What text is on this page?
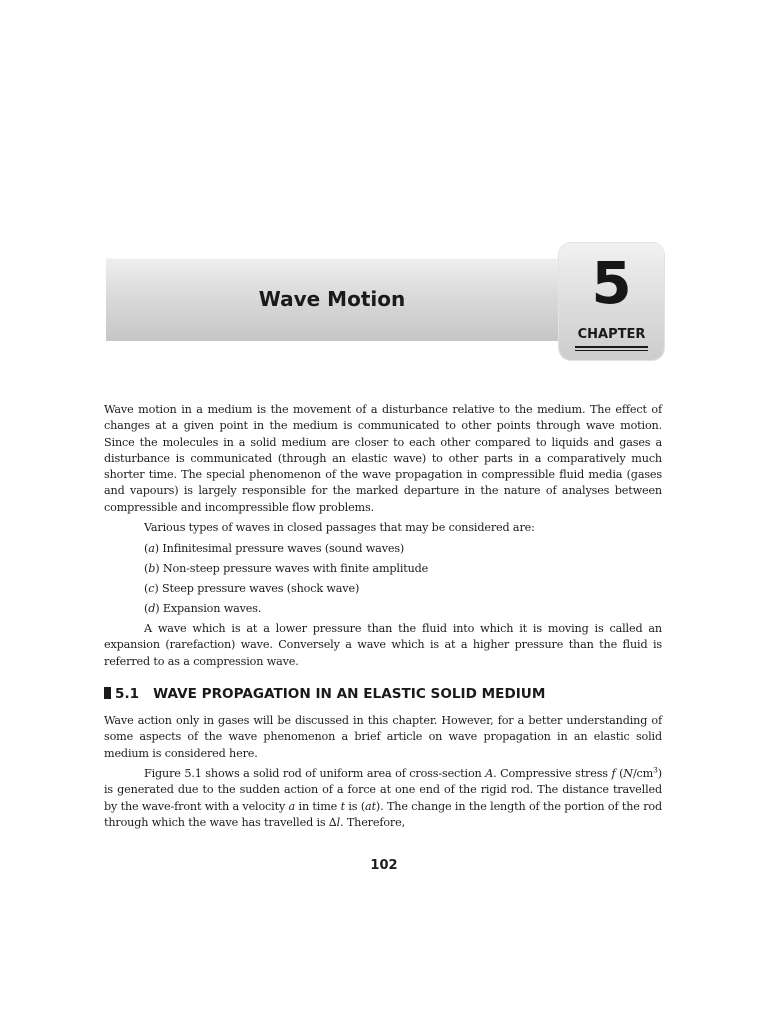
Wave Motion	5
CHAPTER

Wave motion in a medium is the movement of a disturbance relative to the medium. The effect of changes at a given point in the medium is communicated to other points through wave motion. Since the molecules in a solid medium are closer to each other compared to liquids and gases a disturbance is communicated (through an elastic wave) to other parts in a comparatively much shorter time. The special phenomenon of the wave propagation in compressible fluid media (gases and vapours) is largely responsible for the marked departure in the nature of analyses between compressible and incompressible flow problems.

Various types of waves in closed passages that may be considered are:

(a) Infinitesimal pressure waves (sound waves)

(b) Non-steep pressure waves with finite amplitude

(c) Steep pressure waves (shock wave)

(d) Expansion waves.

A wave which is at a lower pressure than the fluid into which it is moving is called an expansion (rarefaction) wave. Conversely a wave which is at a higher pressure than the fluid is referred to as a compression wave.

5.1 WAVE PROPAGATION IN AN ELASTIC SOLID MEDIUM

Wave action only in gases will be discussed in this chapter. However, for a better understanding of some aspects of the wave phenomenon a brief article on wave propagation in an elastic solid medium is considered here.

Figure 5.1 shows a solid rod of uniform area of cross-section A. Compressive stress f $(N/cm^3)$ is generated due to the sudden action of a force at one end of the rigid rod. The distance travelled by the wave-front with a velocity a in time t is (at). The change in the length of the portion of the rod through which the wave has travelled is ∆l. Therefore,

102
